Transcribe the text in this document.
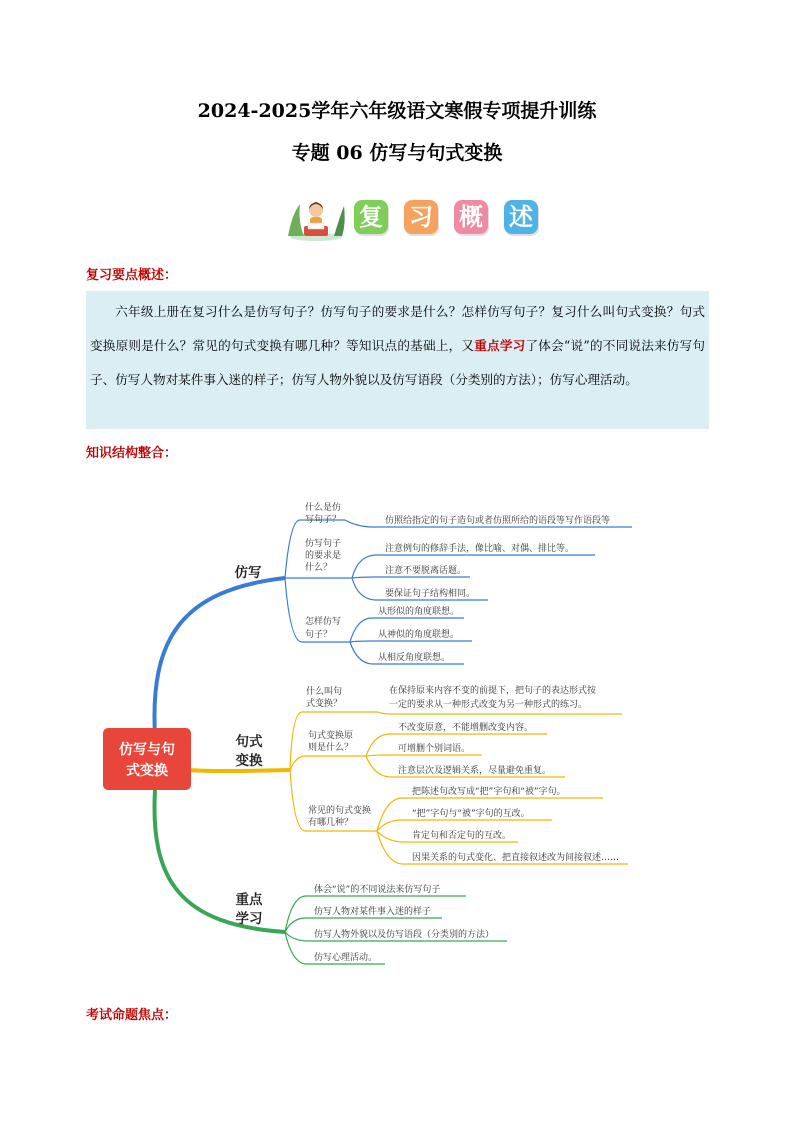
2024-2025学年六年级语文寒假专项提升训练
专题 06 仿写与句式变换
复 习 概 述
复习要点概述：
六年级上册在复习什么是仿写句子？仿写句子的要求是什么？怎样仿写句子？复习什么叫句式变换？句式变换原则是什么？常见的句式变换有哪几种？等知识点的基础上，又重点学习了体会“说”的不同说法来仿写句子、仿写人物对某件事入迷的样子；仿写人物外貌以及仿写语段（分类别的方法）；仿写心理活动。
知识结构整合：
仿写与句
式变换
仿写
句式
变换
重点
学习
什么是仿
写句子？	仿照给指定的句子造句或者仿照所给的语段等写作语段等
仿写句子
的要求是
什么？
注意例句的修辞手法，像比喻、对偶、排比等。
注意不要脱离话题。
要保证句子结构相同。
怎样仿写
句子？
从形似的角度联想。
从神似的角度联想。
从相反角度联想。
什么叫句
式变换？
在保持原来内容不变的前提下，把句子的表达形式按
一定的要求从一种形式改变为另一种形式的练习。
句式变换原
则是什么？
不改变原意，不能增删改变内容。
可增删个别词语。
注意层次及逻辑关系，尽量避免重复。
常见的句式变换
有哪几种？
把陈述句改写成“把”字句和“被”字句。
“把”字句与“被”字句的互改。
肯定句和否定句的互改。
因果关系的句式变化、把直接叙述改为间接叙述……
体会“说”的不同说法来仿写句子
仿写人物对某件事入迷的样子
仿写人物外貌以及仿写语段（分类别的方法）
仿写心理活动。
考试命题焦点：
